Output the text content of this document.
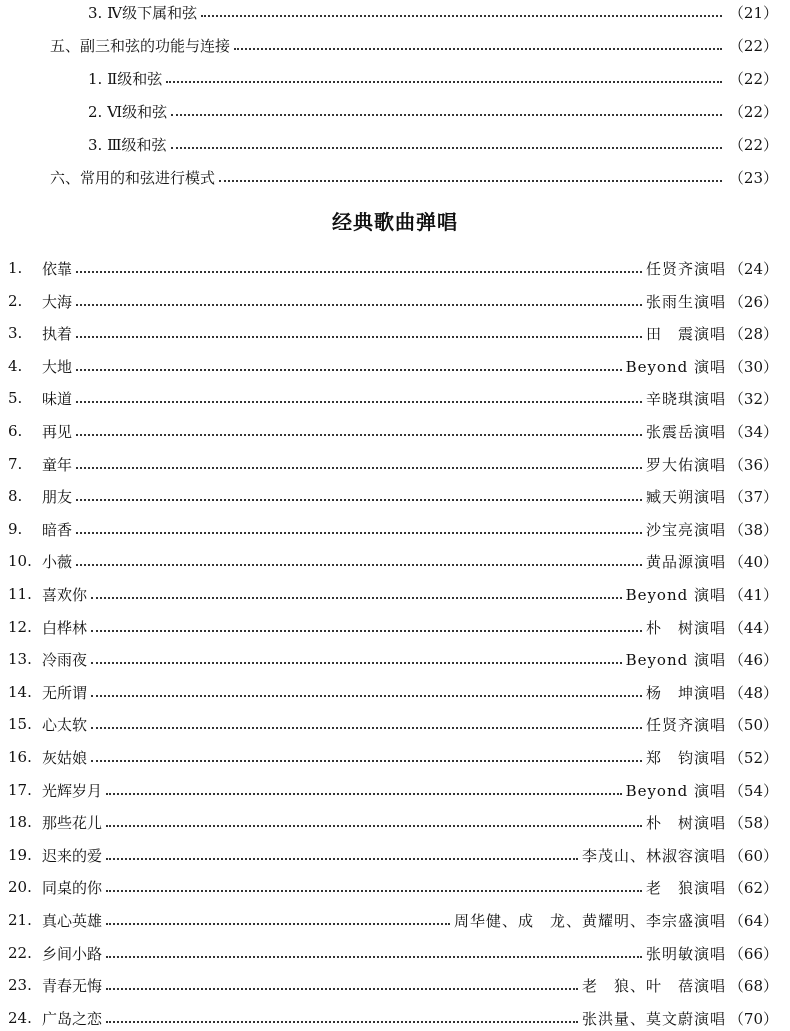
3. Ⅳ级下属和弦	（21）
五、副三和弦的功能与连接	（22）
1. Ⅱ级和弦	（22）
2. Ⅵ级和弦	（22）
3. Ⅲ级和弦	（22）
六、常用的和弦进行模式	（23）
经典歌曲弹唱
1.	依靠	任贤齐演唱 （24）
2.	大海	张雨生演唱 （26）
3.	执着	田　震演唱 （28）
4.	大地	Beyond 演唱 （30）
5.	味道	辛晓琪演唱 （32）
6.	再见	张震岳演唱 （34）
7.	童年	罗大佑演唱 （36）
8.	朋友	臧天朔演唱 （37）
9.	暗香	沙宝亮演唱 （38）
10. 小薇	黄品源演唱 （40）
11. 喜欢你	Beyond 演唱 （41）
12. 白桦林	朴　树演唱 （44）
13. 冷雨夜	Beyond 演唱 （46）
14. 无所谓	杨　坤演唱 （48）
15. 心太软	任贤齐演唱 （50）
16. 灰姑娘	郑　钧演唱 （52）
17. 光辉岁月	Beyond 演唱 （54）
18. 那些花儿	朴　树演唱 （58）
19. 迟来的爱	李茂山、林淑容演唱 （60）
20. 同桌的你	老　狼演唱 （62）
21. 真心英雄	周华健、成　龙、黄耀明、李宗盛演唱 （64）
22. 乡间小路	张明敏演唱 （66）
23. 青春无悔	老　狼、叶　蓓演唱 （68）
24. 广岛之恋	张洪量、莫文蔚演唱 （70）
